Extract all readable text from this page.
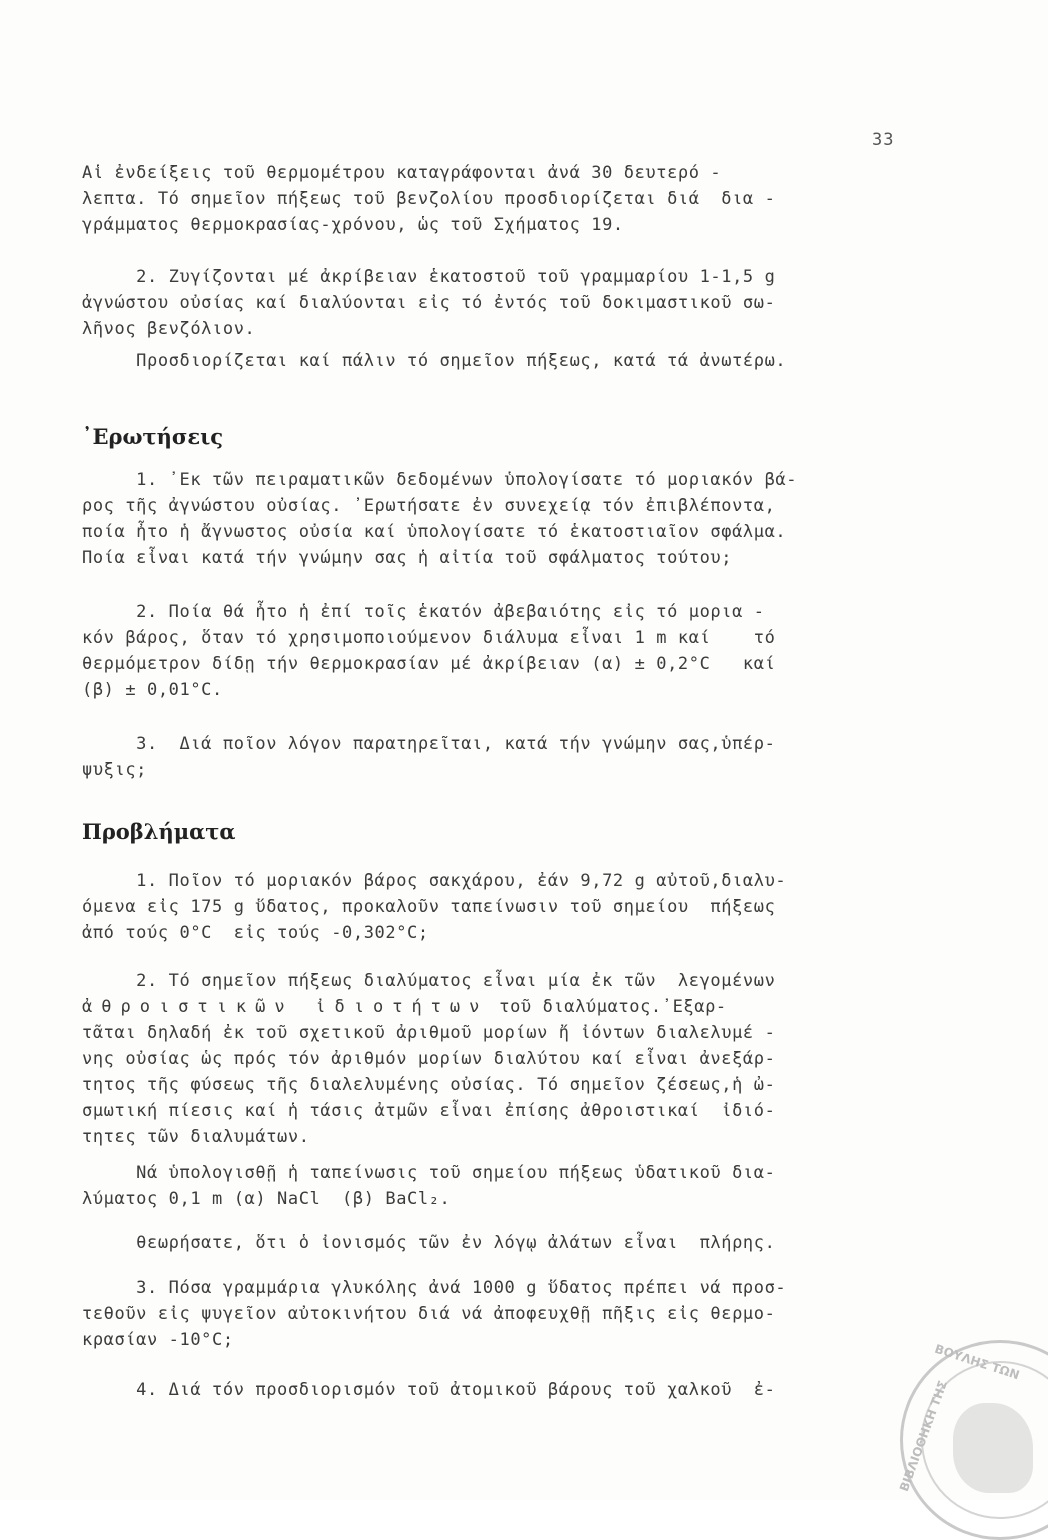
33
Αἱ ἐνδείξεις τοῦ θερμομέτρου καταγράφονται ἀνά 30 δευτερό -
λεπτα. Τό σημεῖον πήξεως τοῦ βενζολίου προσδιορίζεται διά  δια -
γράμματος θερμοκρασίας-χρόνου, ὡς τοῦ Σχήματος 19.
2. Ζυγίζονται μέ ἀκρίβειαν ἑκατοστοῦ τοῦ γραμμαρίου 1-1,5 g
ἀγνώστου οὐσίας καί διαλύονται εἰς τό ἐντός τοῦ δοκιμαστικοῦ σω-
λῆνος βενζόλιον.
Προσδιορίζεται καί πάλιν τό σημεῖον πήξεως, κατά τά ἀνωτέρω.
᾽Ερωτήσεις
1. ᾽Εκ τῶν πειραματικῶν δεδομένων ὑπολογίσατε τό μοριακόν βά-
ρος τῆς ἀγνώστου οὐσίας. ᾽Ερωτήσατε ἐν συνεχείᾳ τόν ἐπιβλέποντα,
ποία ἦτο ἡ ἄγνωστος οὐσία καί ὑπολογίσατε τό ἑκατοστιαῖον σφάλμα.
Ποία εἶναι κατά τήν γνώμην σας ἡ αἰτία τοῦ σφάλματος τούτου;
2. Ποία θά ἦτο ἡ ἐπί τοῖς ἑκατόν ἀβεβαιότης εἰς τό μορια -
κόν βάρος, ὅταν τό χρησιμοποιούμενον διάλυμα εἶναι 1 m καί    τό
θερμόμετρον δίδῃ τήν θερμοκρασίαν μέ ἀκρίβειαν (α) ± 0,2°C   καί
(β) ± 0,01°C.
3.  Διά ποῖον λόγον παρατηρεῖται, κατά τήν γνώμην σας,ὑπέρ-
ψυξις;
Προβλήματα
1. Ποῖον τό μοριακόν βάρος σακχάρου, ἐάν 9,72 g αὐτοῦ,διαλυ-
όμενα εἰς 175 g ὕδατος, προκαλοῦν ταπείνωσιν τοῦ σημείου  πήξεως
ἀπό τούς 0°C  εἰς τούς -0,302°C;
2. Τό σημεῖον πήξεως διαλύματος εἶναι μία ἐκ τῶν  λεγομένων
ἀθροιστικῶν ἰδιοτήτων τοῦ διαλύματος.᾽Εξαρ-
τᾶται δηλαδή ἐκ τοῦ σχετικοῦ ἀριθμοῦ μορίων ἤ ἰόντων διαλελυμέ -
νης οὐσίας ὡς πρός τόν ἀριθμόν μορίων διαλύτου καί εἶναι ἀνεξάρ-
τητος τῆς φύσεως τῆς διαλελυμένης οὐσίας. Τό σημεῖον ζέσεως,ἡ ὠ-
σμωτική πίεσις καί ἡ τάσις ἀτμῶν εἶναι ἐπίσης ἀθροιστικαί  ἰδιό-
τητες τῶν διαλυμάτων.
Νά ὑπολογισθῇ ἡ ταπείνωσις τοῦ σημείου πήξεως ὑδατικοῦ δια-
λύματος 0,1 m (α) NaCl  (β) BaCl₂.
θεωρήσατε, ὅτι ὁ ἰονισμός τῶν ἐν λόγῳ ἀλάτων εἶναι  πλήρης.
3. Πόσα γραμμάρια γλυκόλης ἀνά 1000 g ὕδατος πρέπει νά προσ-
τεθοῦν εἰς ψυγεῖον αὐτοκινήτου διά νά ἀποφευχθῇ πῆξις εἰς θερμο-
κρασίαν -10°C;
4. Διά τόν προσδιορισμόν τοῦ ἀτομικοῦ βάρους τοῦ χαλκοῦ  ἐ-
ΒΟΥΛΗΣ ΤΩΝ
ΒΙΒΛΙΟΘΗΚΗ ΤΗΣ
